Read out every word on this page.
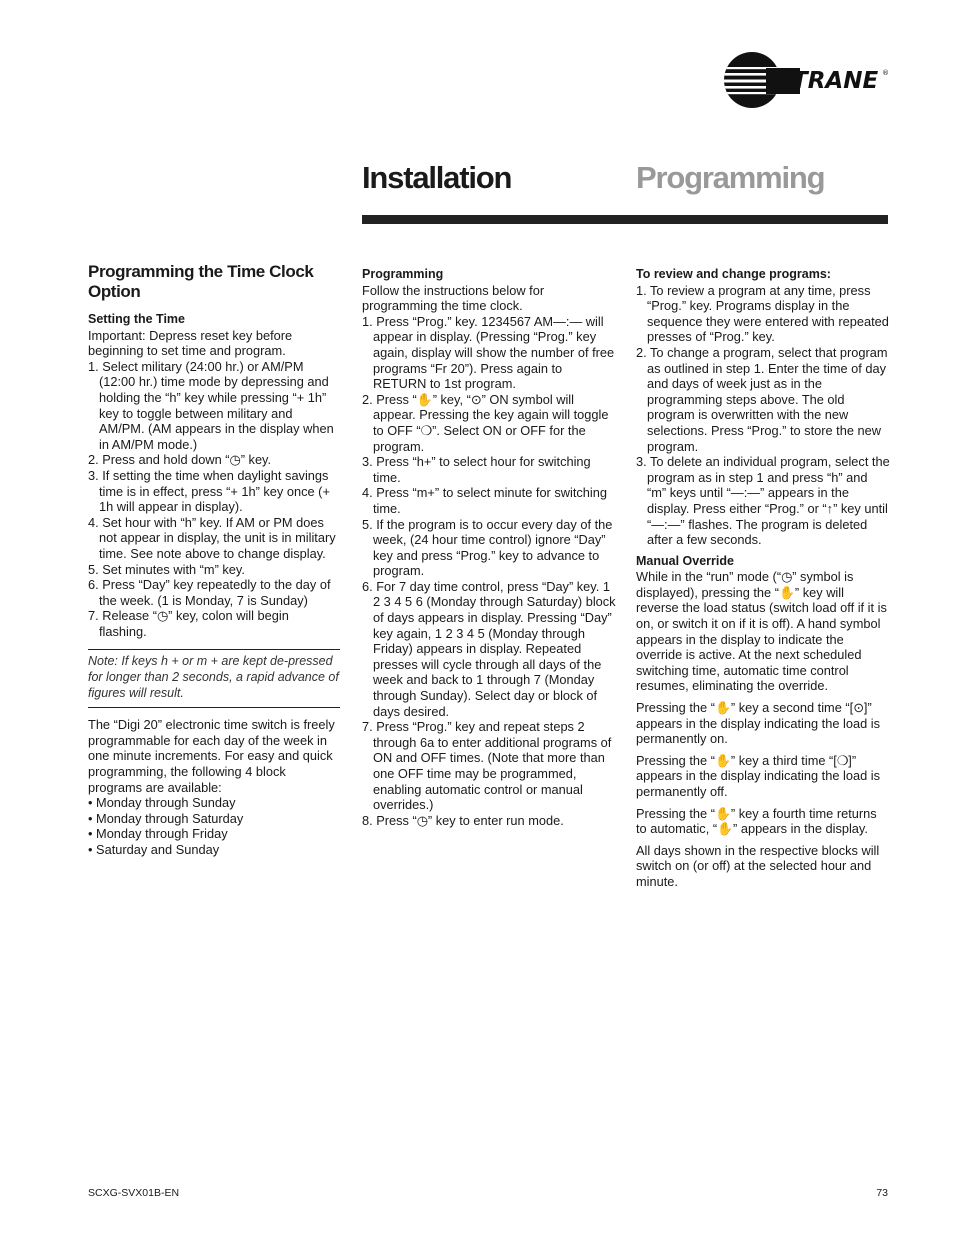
TRANE ®
Installation	Programming
Programming the Time Clock Option
Setting the Time
Important: Depress reset key before beginning to set time and program.
1. Select military (24:00 hr.) or AM/PM (12:00 hr.) time mode by depressing and holding the “h” key while pressing “+ 1h” key to toggle between military and AM/PM. (AM appears in the display when in AM/PM mode.)
2. Press and hold down “◷” key.
3. If setting the time when daylight savings time is in effect, press “+ 1h” key once (+ 1h will appear in display).
4. Set hour with “h” key. If AM or PM does not appear in display, the unit is in military time. See note above to change display.
5. Set minutes with “m” key.
6. Press “Day” key repeatedly to the day of the week. (1 is Monday, 7 is Sunday)
7. Release “◷” key, colon will begin flashing.
Note: If keys h + or m + are kept de-pressed for longer than 2 seconds, a rapid advance of figures will result.
The “Digi 20” electronic time switch is freely programmable for each day of the week in one minute increments. For easy and quick programming, the following 4 block programs are available:
• Monday through Sunday
• Monday through Saturday
• Monday through Friday
• Saturday and Sunday
Programming
Follow the instructions below for programming the time clock.
1. Press “Prog.” key. 1234567 AM—:— will appear in display. (Pressing “Prog.” key again, display will show the number of free programs “Fr 20”). Press again to RETURN to 1st program.
2. Press “✋” key, “⊙” ON symbol will appear. Pressing the key again will toggle to OFF “❍”. Select ON or OFF for the program.
3. Press “h+” to select hour for switching time.
4. Press “m+” to select minute for switching time.
5. If the program is to occur every day of the week, (24 hour time control) ignore “Day” key and press “Prog.” key to advance to program.
6. For 7 day time control, press “Day” key. 1 2 3 4 5 6 (Monday through Saturday) block of days appears in display. Pressing “Day” key again, 1 2 3 4 5 (Monday through Friday) appears in display. Repeated presses will cycle through all days of the week and back to 1 through 7 (Monday through Sunday). Select day or block of days desired.
7. Press “Prog.” key and repeat steps 2 through 6a to enter additional programs of ON and OFF times. (Note that more than one OFF time may be programmed, enabling automatic control or manual overrides.)
8. Press “◷” key to enter run mode.
To review and change programs:
1. To review a program at any time, press “Prog.” key. Programs display in the sequence they were entered with repeated presses of “Prog.” key.
2. To change a program, select that program as outlined in step 1. Enter the time of day and days of week just as in the programming steps above. The old program is overwritten with the new selections. Press “Prog.” to store the new program.
3. To delete an individual program, select the program as in step 1 and press “h” and “m” keys until “—:—” appears in the display. Press either “Prog.” or “↑” key until “—:—” flashes. The program is deleted after a few seconds.
Manual Override
While in the “run” mode (“◷” symbol is displayed), pressing the “✋” key will reverse the load status (switch load off if it is on, or switch it on if it is off). A hand symbol appears in the display to indicate the override is active. At the next scheduled switching time, automatic time control resumes, eliminating the override.
Pressing the “✋” key a second time “[⊙]” appears in the display indicating the load is permanently on.
Pressing the “✋” key a third time “[❍]” appears in the display indicating the load is permanently off.
Pressing the “✋” key a fourth time returns to automatic, “✋” appears in the display.
All days shown in the respective blocks will switch on (or off) at the selected hour and minute.
SCXG-SVX01B-EN	73
